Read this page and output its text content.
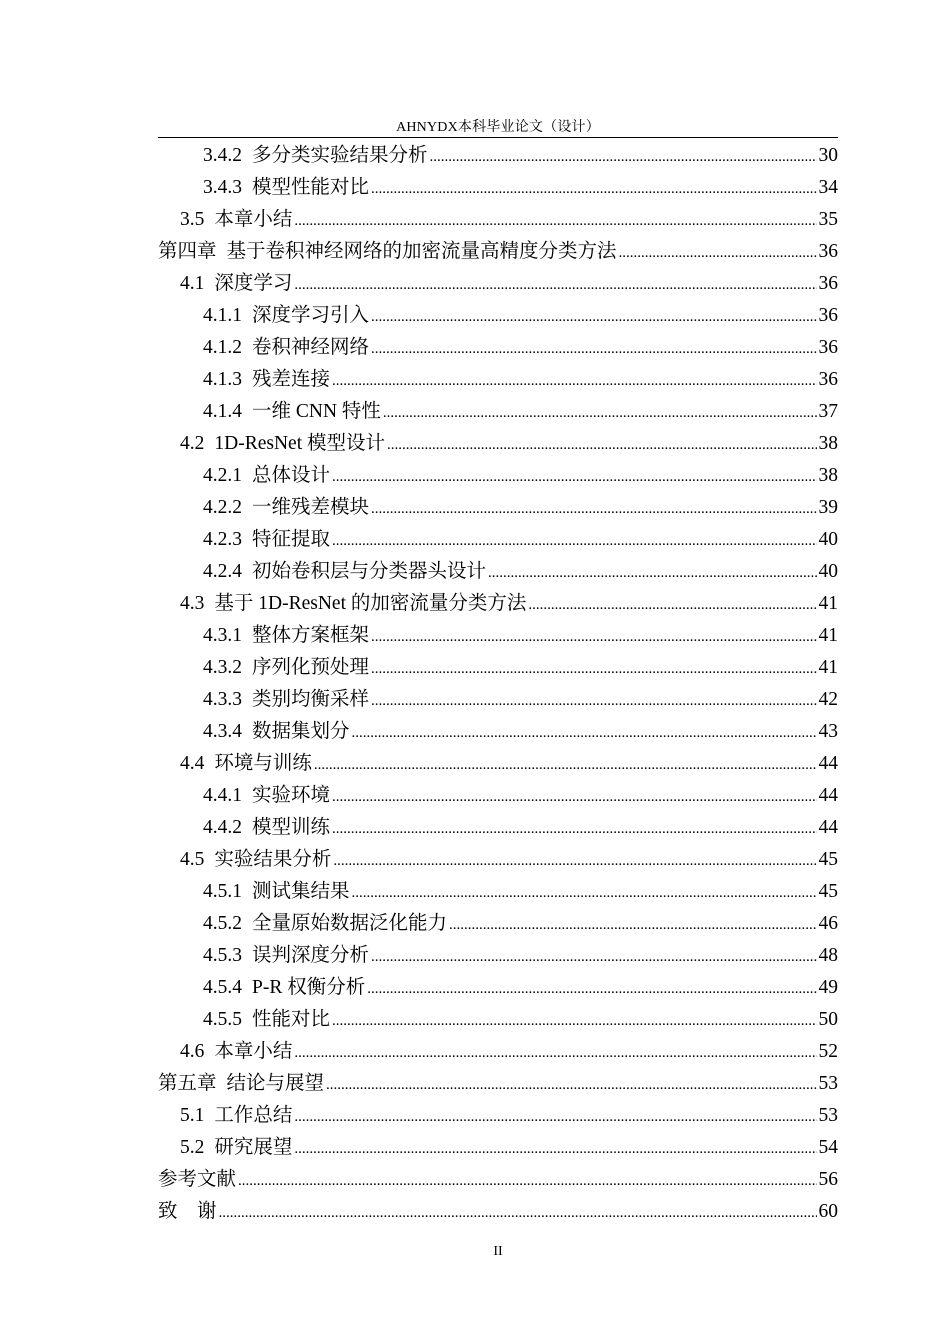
AHNYDX本科毕业论文（设计）
3.4.2 多分类实验结果分析 .....	30
3.4.3 模型性能对比 .....	34
3.5 本章小结 .....	35
第四章 基于卷积神经网络的加密流量高精度分类方法 .....	36
4.1 深度学习 .....	36
4.1.1 深度学习引入 .....	36
4.1.2 卷积神经网络 .....	36
4.1.3 残差连接 .....	36
4.1.4 一维 CNN 特性 .....	37
4.2 1D-ResNet 模型设计 .....	38
4.2.1 总体设计 .....	38
4.2.2 一维残差模块 .....	39
4.2.3 特征提取 .....	40
4.2.4 初始卷积层与分类器头设计 .....	40
4.3 基于 1D-ResNet 的加密流量分类方法 .....	41
4.3.1 整体方案框架 .....	41
4.3.2 序列化预处理 .....	41
4.3.3 类别均衡采样 .....	42
4.3.4 数据集划分 .....	43
4.4 环境与训练 .....	44
4.4.1 实验环境 .....	44
4.4.2 模型训练 .....	44
4.5 实验结果分析 .....	45
4.5.1 测试集结果 .....	45
4.5.2 全量原始数据泛化能力 .....	46
4.5.3 误判深度分析 .....	48
4.5.4 P-R 权衡分析 .....	49
4.5.5 性能对比 .....	50
4.6 本章小结 .....	52
第五章 结论与展望 .....	53
5.1 工作总结 .....	53
5.2 研究展望 .....	54
参考文献 .....	56
致　谢 .....	60
II
